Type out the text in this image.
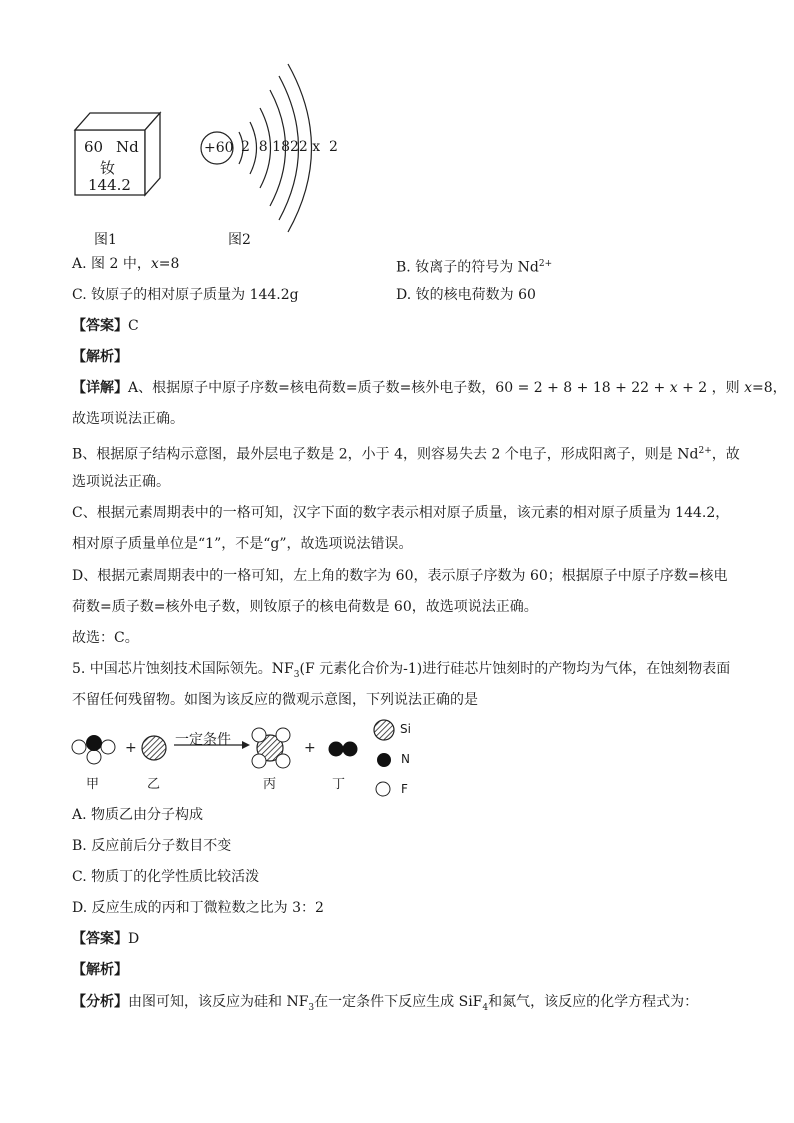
60 Nd
钕
144.2
图1
+60 2  8 1822 x  2
图2
A. 图 2 中，x=8	B. 钕离子的符号为 $Nd^{2+}$
C. 钕原子的相对原子质量为 144.2g	D. 钕的核电荷数为 60
【答案】C
【解析】
【详解】A、根据原子中原子序数=核电荷数=质子数=核外电子数，60 = 2 + 8 + 18 + 22 + x + 2 ，则 x=8，
故选项说法正确。
B、根据原子结构示意图，最外层电子数是 2，小于 4，则容易失去 2 个电子，形成阳离子，则是 $Nd^{2+}$，故
选项说法正确。
C、根据元素周期表中的一格可知，汉字下面的数字表示相对原子质量，该元素的相对原子质量为 144.2，
相对原子质量单位是“1”，不是“g”，故选项说法错误。
D、根据元素周期表中的一格可知，左上角的数字为 60，表示原子序数为 60；根据原子中原子序数=核电
荷数=质子数=核外电子数，则钕原子的核电荷数是 60，故选项说法正确。
故选：C。
5. 中国芯片蚀刻技术国际领先。$NF_3(F$ 元素化合价为-1)进行硅芯片蚀刻时的产物均为气体，在蚀刻物表面
不留任何残留物。如图为该反应的微观示意图，下列说法正确的是
+	+
一定条件
甲	乙	丙	丁
Si
N
F
A. 物质乙由分子构成
B. 反应前后分子数目不变
C. 物质丁的化学性质比较活泼
D. 反应生成的丙和丁微粒数之比为 3：2
【答案】D
【解析】
【分析】由图可知，该反应为硅和 $NF_3$在一定条件下反应生成 SiF$_4$和氮气，该反应的化学方程式为：
